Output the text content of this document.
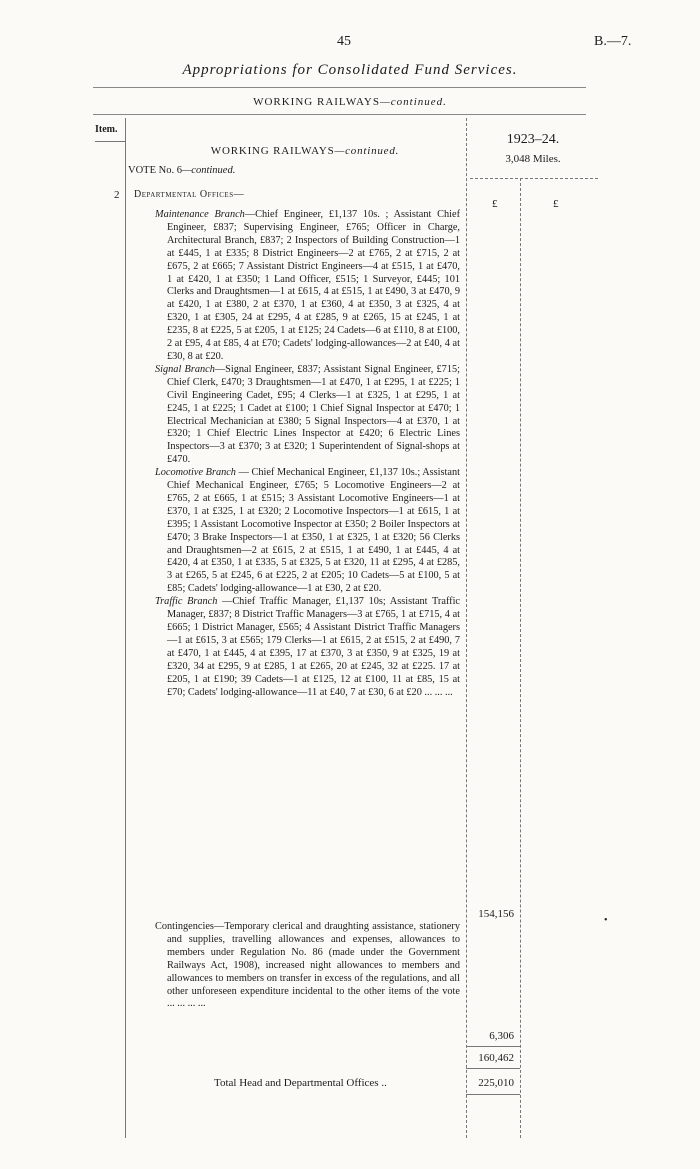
45	B.—7.
Appropriations for Consolidated Fund Services.
WORKING RAILWAYS—continued.
Item.
1923–24.
3,048 Miles.
WORKING RAILWAYS—continued.
VOTE No. 6—continued.
2 Departmental Offices—
£	£

Maintenance Branch—Chief Engineer, £1,137 10s. ; Assistant Chief Engineer, £837; Supervising Engineer, £765; Officer in Charge, Architectural Branch, £837; 2 Inspectors of Building Construction—1 at £445, 1 at £335; 8 District Engineers—2 at £765, 2 at £715, 2 at £675, 2 at £665; 7 Assistant District Engineers—4 at £515, 1 at £470, 1 at £420, 1 at £350; 1 Land Officer, £515; 1 Surveyor, £445; 101 Clerks and Draughtsmen—1 at £615, 4 at £515, 1 at £490, 3 at £470, 9 at £420, 1 at £380, 2 at £370, 1 at £360, 4 at £350, 3 at £325, 4 at £320, 1 at £305, 24 at £295, 4 at £285, 9 at £265, 15 at £245, 1 at £235, 8 at £225, 5 at £205, 1 at £125; 24 Cadets—6 at £110, 8 at £100, 2 at £95, 4 at £85, 4 at £70; Cadets' lodging-allowances—2 at £40, 4 at £30, 8 at £20.

Signal Branch—Signal Engineer, £837; Assistant Signal Engineer, £715; Chief Clerk, £470; 3 Draughtsmen—1 at £470, 1 at £295, 1 at £225; 1 Civil Engineering Cadet, £95; 4 Clerks—1 at £325, 1 at £295, 1 at £245, 1 at £225; 1 Cadet at £100; 1 Chief Signal Inspector at £470; 1 Electrical Mechanician at £380; 5 Signal Inspectors—4 at £370, 1 at £320; 1 Chief Electric Lines Inspector at £420; 6 Electric Lines Inspectors—3 at £370; 3 at £320; 1 Superintendent of Signal-shops at £470.

Locomotive Branch — Chief Mechanical Engineer, £1,137 10s.; Assistant Chief Mechanical Engineer, £765; 5 Locomotive Engineers—2 at £765, 2 at £665, 1 at £515; 3 Assistant Locomotive Engineers—1 at £370, 1 at £325, 1 at £320; 2 Locomotive Inspectors—1 at £615, 1 at £395; 1 Assistant Locomotive Inspector at £350; 2 Boiler Inspectors at £470; 3 Brake Inspectors—1 at £350, 1 at £325, 1 at £320; 56 Clerks and Draughtsmen—2 at £615, 2 at £515, 1 at £490, 1 at £445, 4 at £420, 4 at £350, 1 at £335, 5 at £325, 5 at £320, 11 at £295, 4 at £285, 3 at £265, 5 at £245, 6 at £225, 2 at £205; 10 Cadets—5 at £100, 5 at £85; Cadets' lodging-allowance—1 at £30, 2 at £20.

Traffic Branch —Chief Traffic Manager, £1,137 10s; Assistant Traffic Manager, £837; 8 District Traffic Managers—3 at £765, 1 at £715, 4 at £665; 1 District Manager, £565; 4 Assistant District Traffic Managers—1 at £615, 3 at £565; 179 Clerks—1 at £615, 2 at £515, 2 at £490, 7 at £470, 1 at £445, 4 at £395, 17 at £370, 3 at £350, 9 at £325, 19 at £320, 34 at £295, 9 at £285, 1 at £265, 20 at £245, 32 at £225. 17 at £205, 1 at £190; 39 Cadets—1 at £125, 12 at £100, 11 at £85, 15 at £70; Cadets' lodging-allowance—11 at £40, 7 at £30, 6 at £20 ... ... ...

Contingencies—Temporary clerical and draughting assistance, stationery and supplies, travelling allowances and expenses, allowances to members under Regulation No. 86 (made under the Government Railways Act, 1908), increased night allowances to members and allowances to members on transfer in excess of the regulations, and all other unforeseen expenditure incidental to the other items of the vote ... ... ... ...

154,156
6,306
160,462
225,010
Total Head and Departmental Offices ..
•
